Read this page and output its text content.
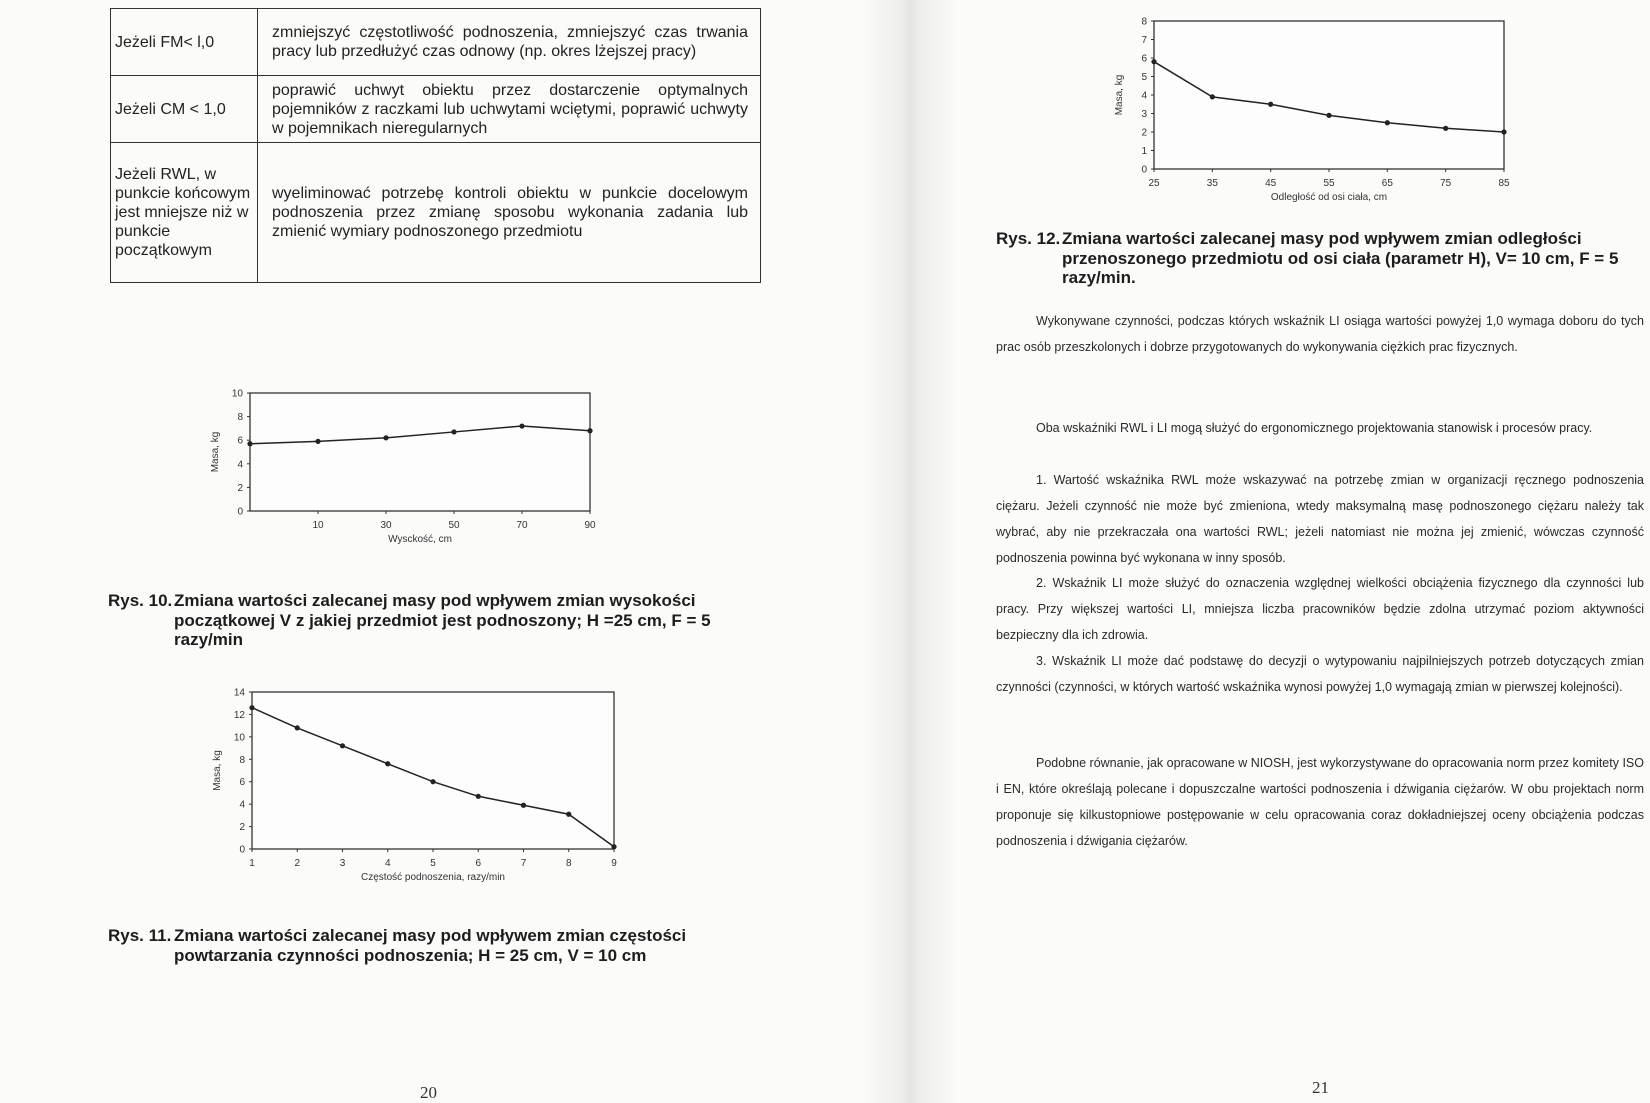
Jeżeli FM< l,0	zmniejszyć częstotliwość podnoszenia, zmniejszyć czas trwania pracy lub przedłużyć czas odnowy (np. okres lżejszej pracy)
Jeżeli CM < 1,0	poprawić uchwyt obiektu przez dostarczenie optymalnych pojemników z raczkami lub uchwytami wciętymi, poprawić uchwyty w pojemnikach nieregularnych
Jeżeli RWL, w punkcie końcowym jest mniejsze niż w punkcie początkowym	wyeliminować potrzebę kontroli obiektu w punkcie docelowym podnoszenia przez zmianę sposobu wykonania zadania lub zmienić wymiary podnoszonego przedmiotu
0
2
4
6
8
10
10	30	50	70	90
Wysckość, cm
Masa, kg
Rys. 10. Zmiana wartości zalecanej masy pod wpływem zmian wysokości początkowej V z jakiej przedmiot jest podnoszony; H =25 cm, F = 5 razy/min
0
2
4
6
8
10
12
14
1	2	3	4	5	6	7	8	9
Częstość podnoszenia, razy/min
Masa, kg
Rys. 11. Zmiana wartości zalecanej masy pod wpływem zmian częstości powtarzania czynności podnoszenia; H = 25 cm, V = 10 cm
0
1
2
3
4
5
6
7
8
25	35	45	55	65	75	85
Odległość od osi ciała, cm
Masa, kg
Rys. 12. Zmiana wartości zalecanej masy pod wpływem zmian odległości przenoszonego przedmiotu od osi ciała (parametr H), V= 10 cm, F = 5 razy/min.
Wykonywane czynności, podczas których wskaźnik LI osiąga wartości powyżej 1,0 wymaga doboru do tych prac osób przeszkolonych i dobrze przygotowanych do wykonywania ciężkich prac fizycznych.
Oba wskaźniki RWL i LI mogą służyć do ergonomicznego projektowania stanowisk i procesów pracy.
1. Wartość wskaźnika RWL może wskazywać na potrzebę zmian w organizacji ręcznego podnoszenia ciężaru. Jeżeli czynność nie może być zmieniona, wtedy maksymalną masę podnoszonego ciężaru należy tak wybrać, aby nie przekraczała ona wartości RWL; jeżeli natomiast nie można jej zmienić, wówczas czynność podnoszenia powinna być wykonana w inny sposób.
2. Wskaźnik LI może służyć do oznaczenia względnej wielkości obciążenia fizycznego dla czynności lub pracy. Przy większej wartości LI, mniejsza liczba pracowników będzie zdolna utrzymać poziom aktywności bezpieczny dla ich zdrowia.
3. Wskaźnik LI może dać podstawę do decyzji o wytypowaniu najpilniejszych potrzeb dotyczących zmian czynności (czynności, w których wartość wskaźnika wynosi powyżej 1,0 wymagają zmian w pierwszej kolejności).
Podobne równanie, jak opracowane w NIOSH, jest wykorzystywane do opracowania norm przez komitety ISO i EN, które określają polecane i dopuszczalne wartości podnoszenia i dźwigania ciężarów. W obu projektach norm proponuje się kilkustopniowe postępowanie w celu opracowania coraz dokładniejszej oceny obciążenia podczas podnoszenia i dźwigania ciężarów.
20	21
